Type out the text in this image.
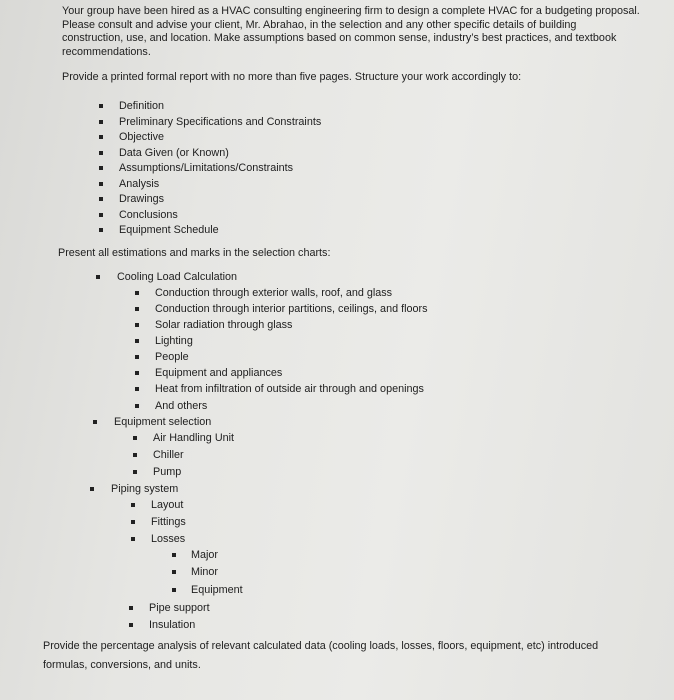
Your group have been hired as a HVAC consulting engineering firm to design a complete HVAC for a budgeting proposal.
Please consult and advise your client, Mr. Abrahao, in the selection and any other specific details of building
construction, use, and location. Make assumptions based on common sense, industry’s best practices, and textbook
recommendations.
Provide a printed formal report with no more than five pages. Structure your work accordingly to:
Definition
Preliminary Specifications and Constraints
Objective
Data Given (or Known)
Assumptions/Limitations/Constraints
Analysis
Drawings
Conclusions
Equipment Schedule
Present all estimations and marks in the selection charts:
Cooling Load Calculation
Conduction through exterior walls, roof, and glass
Conduction through interior partitions, ceilings, and floors
Solar radiation through glass
Lighting
People
Equipment and appliances
Heat from infiltration of outside air through and openings
And others
Equipment selection
Air Handling Unit
Chiller
Pump
Piping system
Layout
Fittings
Losses
Major
Minor
Equipment
Pipe support
Insulation
Provide the percentage analysis of relevant calculated data (cooling loads, losses, floors, equipment, etc) introduced
formulas, conversions, and units.
